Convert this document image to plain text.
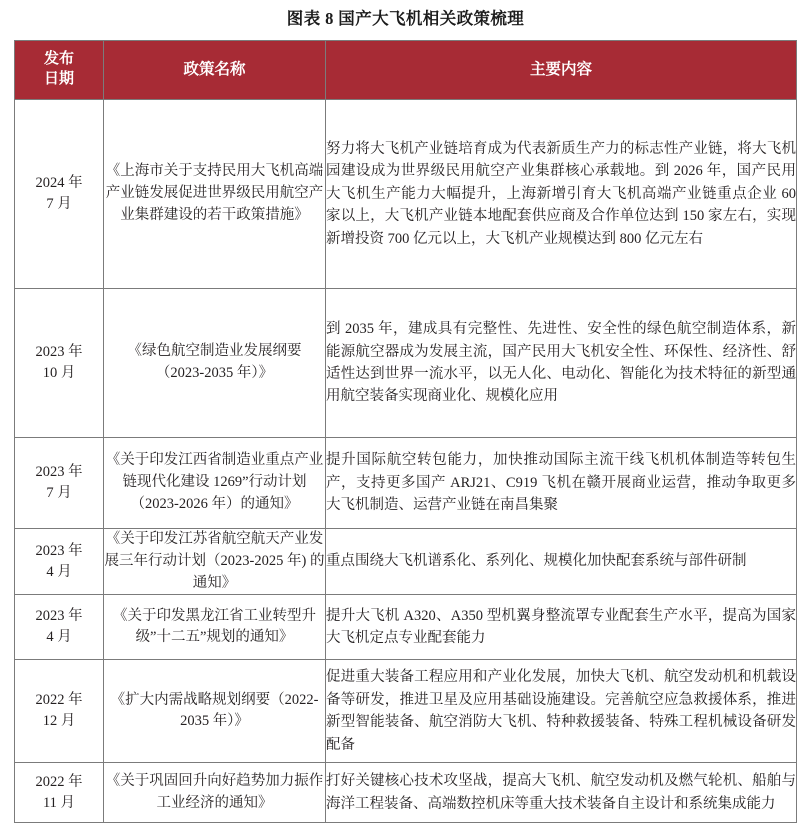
图表 8 国产大飞机相关政策梳理
发布
日期	政策名称	主要内容

2024 年
7 月	《上海市关于支持民用大飞机高端产业链发展促进世界级民用航空产业集群建设的若干政策措施》	努力将大飞机产业链培育成为代表新质生产力的标志性产业链，将大飞机园建设成为世界级民用航空产业集群核心承载地。到 2026 年，国产民用大飞机生产能力大幅提升，上海新增引育大飞机高端产业链重点企业 60 家以上，大飞机产业链本地配套供应商及合作单位达到 150 家左右，实现新增投资 700 亿元以上，大飞机产业规模达到 800 亿元左右

2023 年
10 月	《绿色航空制造业发展纲要（2023-2035 年）》	到 2035 年，建成具有完整性、先进性、安全性的绿色航空制造体系，新能源航空器成为发展主流，国产民用大飞机安全性、环保性、经济性、舒适性达到世界一流水平，以无人化、电动化、智能化为技术特征的新型通用航空装备实现商业化、规模化应用

2023 年
7 月	《关于印发江西省制造业重点产业链现代化建设 1269”行动计划（2023-2026 年）的通知》	提升国际航空转包能力，加快推动国际主流干线飞机机体制造等转包生产，支持更多国产 ARJ21、C919 飞机在赣开展商业运营，推动争取更多大飞机制造、运营产业链在南昌集聚

2023 年
4 月	《关于印发江苏省航空航天产业发展三年行动计划（2023-2025 年) 的通知》	重点围绕大飞机谱系化、系列化、规模化加快配套系统与部件研制

2023 年
4 月	《关于印发黑龙江省工业转型升级”十二五”规划的通知》	提升大飞机 A320、A350 型机翼身整流罩专业配套生产水平，提高为国家大飞机定点专业配套能力

2022 年
12 月	《扩大内需战略规划纲要（2022-2035 年）》	促进重大装备工程应用和产业化发展，加快大飞机、航空发动机和机载设备等研发，推进卫星及应用基础设施建设。完善航空应急救援体系，推进新型智能装备、航空消防大飞机、特种救援装备、特殊工程机械设备研发配备

2022 年
11 月	《关于巩固回升向好趋势加力振作工业经济的通知》	打好关键核心技术攻坚战，提高大飞机、航空发动机及燃气轮机、船舶与海洋工程装备、高端数控机床等重大技术装备自主设计和系统集成能力
